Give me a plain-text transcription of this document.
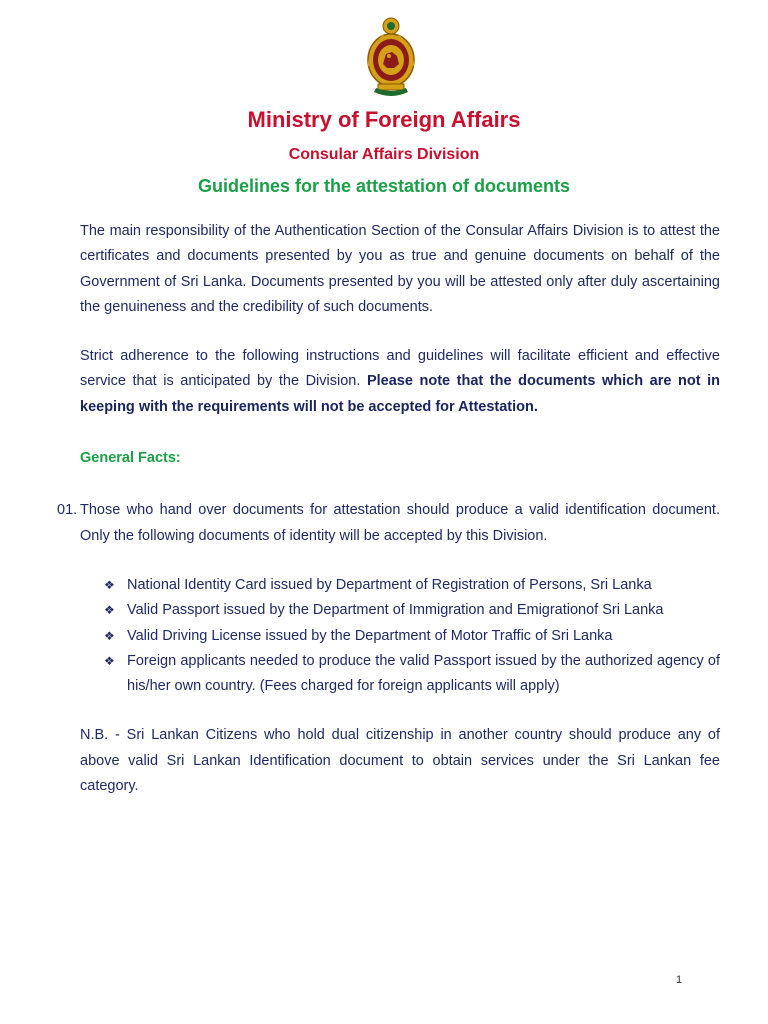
Ministry of Foreign Affairs
Consular Affairs Division
Guidelines for the attestation of documents

The main responsibility of the Authentication Section of the Consular Affairs Division is to attest the certificates and documents presented by you as true and genuine documents on behalf of the Government of Sri Lanka. Documents presented by you will be attested only after duly ascertaining the genuineness and the credibility of such documents.

Strict adherence to the following instructions and guidelines will facilitate efficient and effective service that is anticipated by the Division. Please note that the documents which are not in keeping with the requirements will not be accepted for Attestation.

General Facts:

01. Those who hand over documents for attestation should produce a valid identification document. Only the following documents of identity will be accepted by this Division.

❖ National Identity Card issued by Department of Registration of Persons, Sri Lanka
❖ Valid Passport issued by the Department of Immigration and Emigrationof Sri Lanka
❖ Valid Driving License issued by the Department of Motor Traffic of Sri Lanka
❖ Foreign applicants needed to produce the valid Passport issued by the authorized agency of his/her own country. (Fees charged for foreign applicants will apply)

N.B. - Sri Lankan Citizens who hold dual citizenship in another country should produce any of above valid Sri Lankan Identification document to obtain services under the Sri Lankan fee category.

1
